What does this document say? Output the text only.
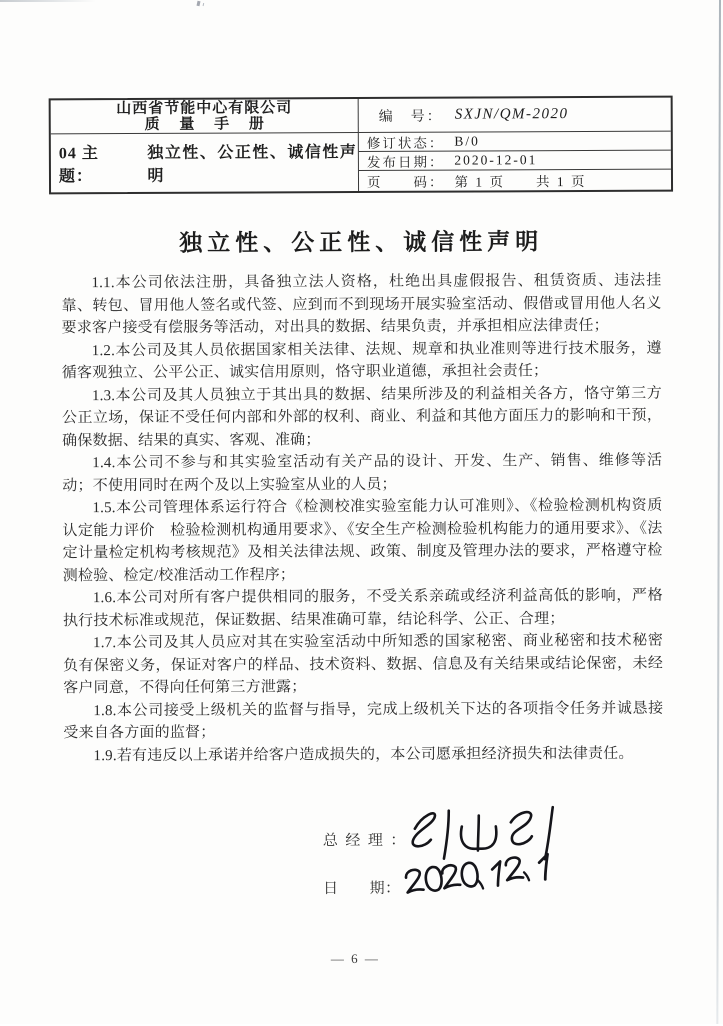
山西省节能中心有限公司
质 量 手 册	编　号： SXJN/QM-2020
04 主题：
独立性、公正性、诚信性声明
修订状态： B/0
发布日期： 2020-12-01
页　　码： 第 1 页　　共 1 页
独立性、公正性、诚信性声明

1.1.本公司依法注册，具备独立法人资格，杜绝出具虚假报告、租赁资质、违法挂靠、转包、冒用他人签名或代签、应到而不到现场开展实验室活动、假借或冒用他人名义要求客户接受有偿服务等活动，对出具的数据、结果负责，并承担相应法律责任；

1.2.本公司及其人员依据国家相关法律、法规、规章和执业准则等进行技术服务，遵循客观独立、公平公正、诚实信用原则，恪守职业道德，承担社会责任；

1.3.本公司及其人员独立于其出具的数据、结果所涉及的利益相关各方，恪守第三方公正立场，保证不受任何内部和外部的权利、商业、利益和其他方面压力的影响和干预，确保数据、结果的真实、客观、准确；

1.4.本公司不参与和其实验室活动有关产品的设计、开发、生产、销售、维修等活动；不使用同时在两个及以上实验室从业的人员；

1.5.本公司管理体系运行符合《检测校准实验室能力认可准则》、《检验检测机构资质认定能力评价　检验检测机构通用要求》、《安全生产检测检验机构能力的通用要求》、《法定计量检定机构考核规范》及相关法律法规、政策、制度及管理办法的要求，严格遵守检测检验、检定/校准活动工作程序；

1.6.本公司对所有客户提供相同的服务，不受关系亲疏或经济利益高低的影响，严格执行技术标准或规范，保证数据、结果准确可靠，结论科学、公正、合理；

1.7.本公司及其人员应对其在实验室活动中所知悉的国家秘密、商业秘密和技术秘密负有保密义务，保证对客户的样品、技术资料、数据、信息及有关结果或结论保密，未经客户同意，不得向任何第三方泄露；

1.8.本公司接受上级机关的监督与指导，完成上级机关下达的各项指令任务并诚恳接受来自各方面的监督；

1.9.若有违反以上承诺并给客户造成损失的，本公司愿承担经济损失和法律责任。

总经理：
日　　期：
— 6 —
